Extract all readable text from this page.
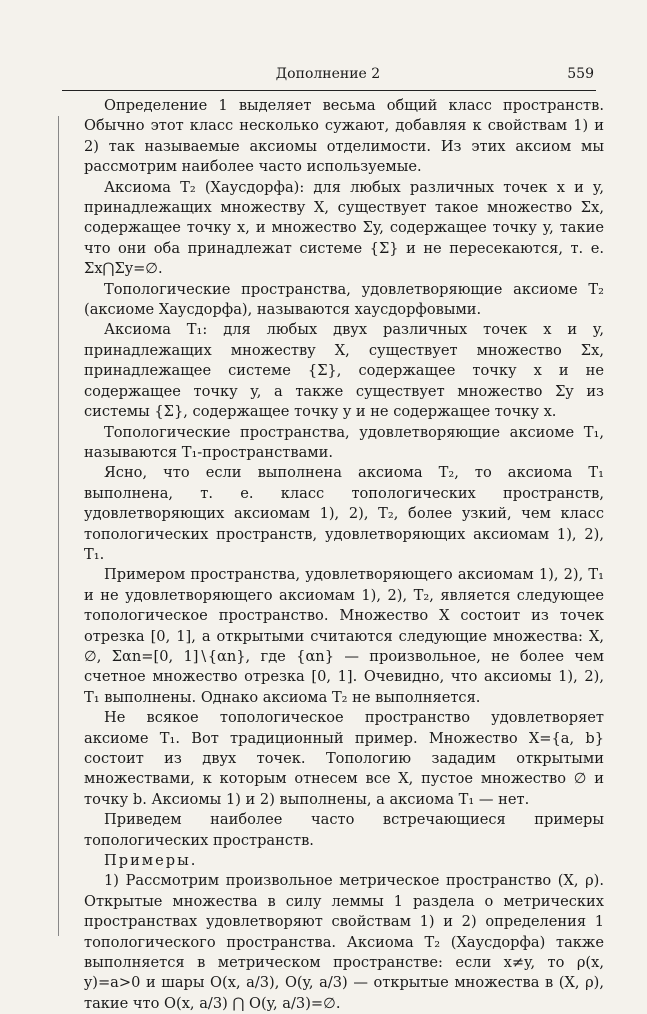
Дополнение 2	559

Определение 1 выделяет весьма общий класс пространств. Обычно этот класс несколько сужают, добавляя к свойствам 1) и 2) так называемые аксиомы отделимости. Из этих аксиом мы рассмотрим наиболее часто используемые.

Аксиома T₂ (Хаусдорфа): для любых различных точек x и y, принадлежащих множеству X, существует такое множество Σx, содержащее точку x, и множество Σy, содержащее точку y, такие что они оба принадлежат системе {Σ} и не пересекаются, т. е. Σx⋂Σy=∅.

Топологические пространства, удовлетворяющие аксиоме T₂ (аксиоме Хаусдорфа), называются хаусдорфовыми.

Аксиома T₁: для любых двух различных точек x и y, принадлежащих множеству X, существует множество Σx, принадлежащее системе {Σ}, содержащее точку x и не содержащее точку y, а также существует множество Σy из системы {Σ}, содержащее точку y и не содержащее точку x.

Топологические пространства, удовлетворяющие аксиоме T₁, называются T₁-пространствами.

Ясно, что если выполнена аксиома T₂, то аксиома T₁ выполнена, т. е. класс топологических пространств, удовлетворяющих аксиомам 1), 2), T₂, более узкий, чем класс топологических пространств, удовлетворяющих аксиомам 1), 2), T₁.

Примером пространства, удовлетворяющего аксиомам 1), 2), T₁ и не удовлетворяющего аксиомам 1), 2), T₂, является следующее топологическое пространство. Множество X состоит из точек отрезка [0, 1], а открытыми считаются следующие множества: X, ∅, Σαn=[0, 1]∖{αn}, где {αn} — произвольное, не более чем счетное множество отрезка [0, 1]. Очевидно, что аксиомы 1), 2), T₁ выполнены. Однако аксиома T₂ не выполняется.

Не всякое топологическое пространство удовлетворяет аксиоме T₁. Вот традиционный пример. Множество X={a, b} состоит из двух точек. Топологию зададим открытыми множествами, к которым отнесем все X, пустое множество ∅ и точку b. Аксиомы 1) и 2) выполнены, а аксиома T₁ — нет.

Приведем наиболее часто встречающиеся примеры топологических пространств.

Примеры.

1) Рассмотрим произвольное метрическое пространство (X, ρ). Открытые множества в силу леммы 1 раздела о метрических пространствах удовлетворяют свойствам 1) и 2) определения 1 топологического пространства. Аксиома T₂ (Хаусдорфа) также выполняется в метрическом пространстве: если x≠y, то ρ(x, y)=a>0 и шары O(x, a/3), O(y, a/3) — открытые множества в (X, ρ), такие что O(x, a/3) ⋂ O(y, a/3)=∅.
